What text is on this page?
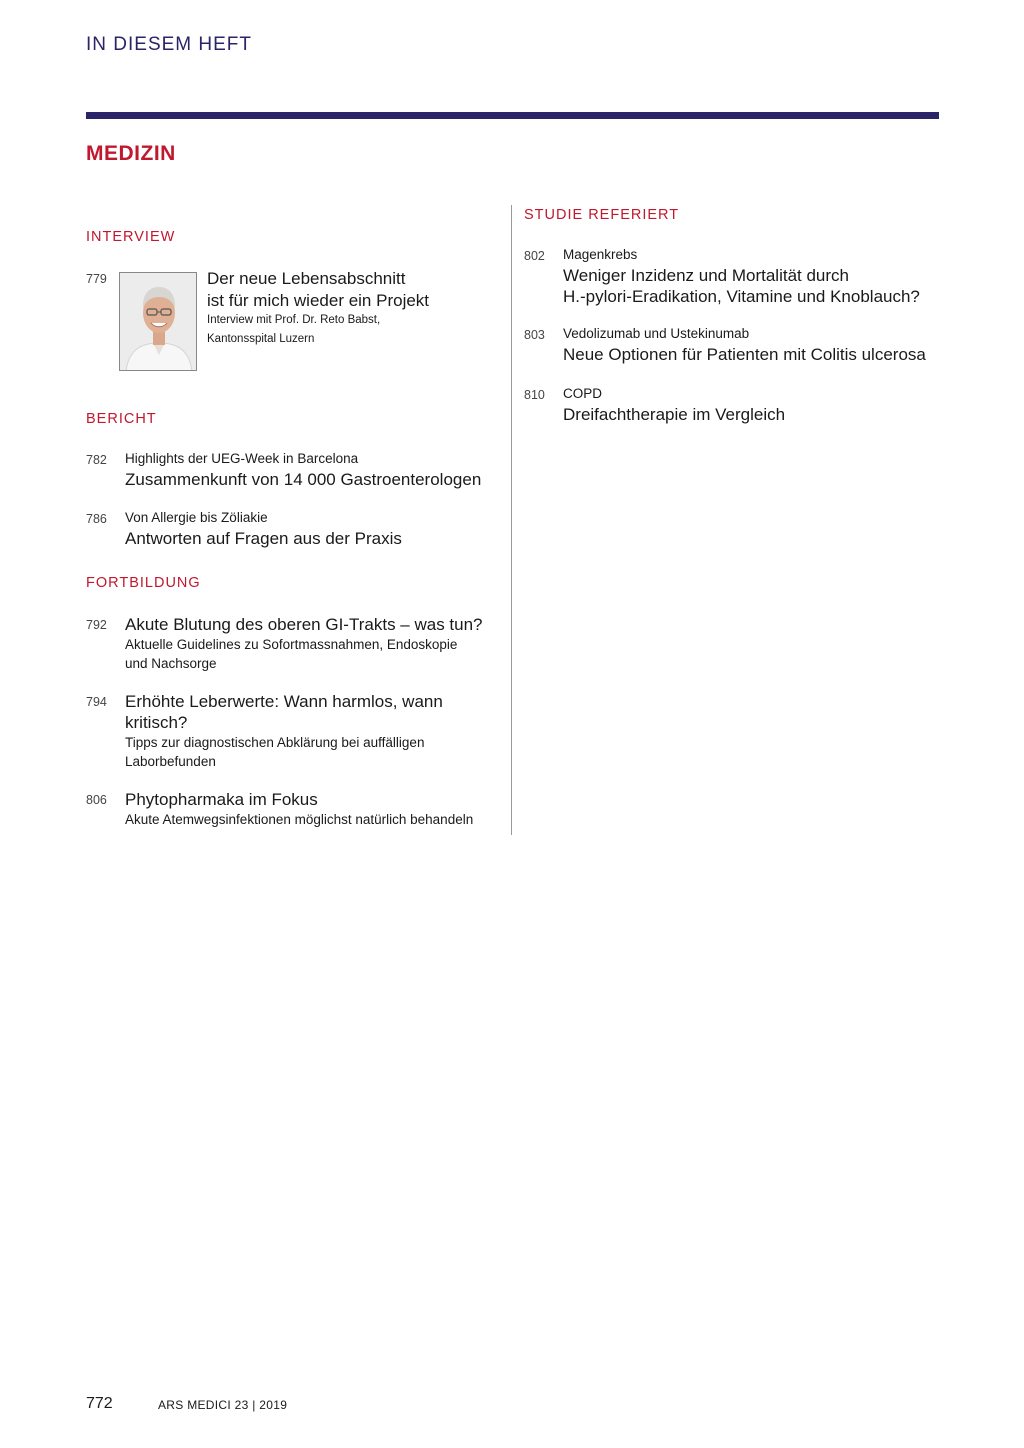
IN DIESEM HEFT
MEDIZIN
INTERVIEW
779	Der neue Lebensabschnitt
ist für mich wieder ein Projekt
Interview mit Prof. Dr. Reto Babst,
Kantonsspital Luzern
BERICHT
782 Highlights der UEG-Week in Barcelona
Zusammenkunft von 14 000 Gastroenterologen
786 Von Allergie bis Zöliakie
Antworten auf Fragen aus der Praxis
FORTBILDUNG
792 Akute Blutung des oberen GI-Trakts – was tun?
Aktuelle Guidelines zu Sofortmassnahmen, Endoskopie
und Nachsorge
794 Erhöhte Leberwerte: Wann harmlos, wann
kritisch?
Tipps zur diagnostischen Abklärung bei auffälligen
Laborbefunden
806 Phytopharmaka im Fokus
Akute Atemwegsinfektionen möglichst natürlich behandeln
STUDIE REFERIERT
802 Magenkrebs
Weniger Inzidenz und Mortalität durch
H.-pylori-Eradikation, Vitamine und Knoblauch?
803 Vedolizumab und Ustekinumab
Neue Optionen für Patienten mit Colitis ulcerosa
810 COPD
Dreifachtherapie im Vergleich
772	ARS MEDICI 23 | 2019
